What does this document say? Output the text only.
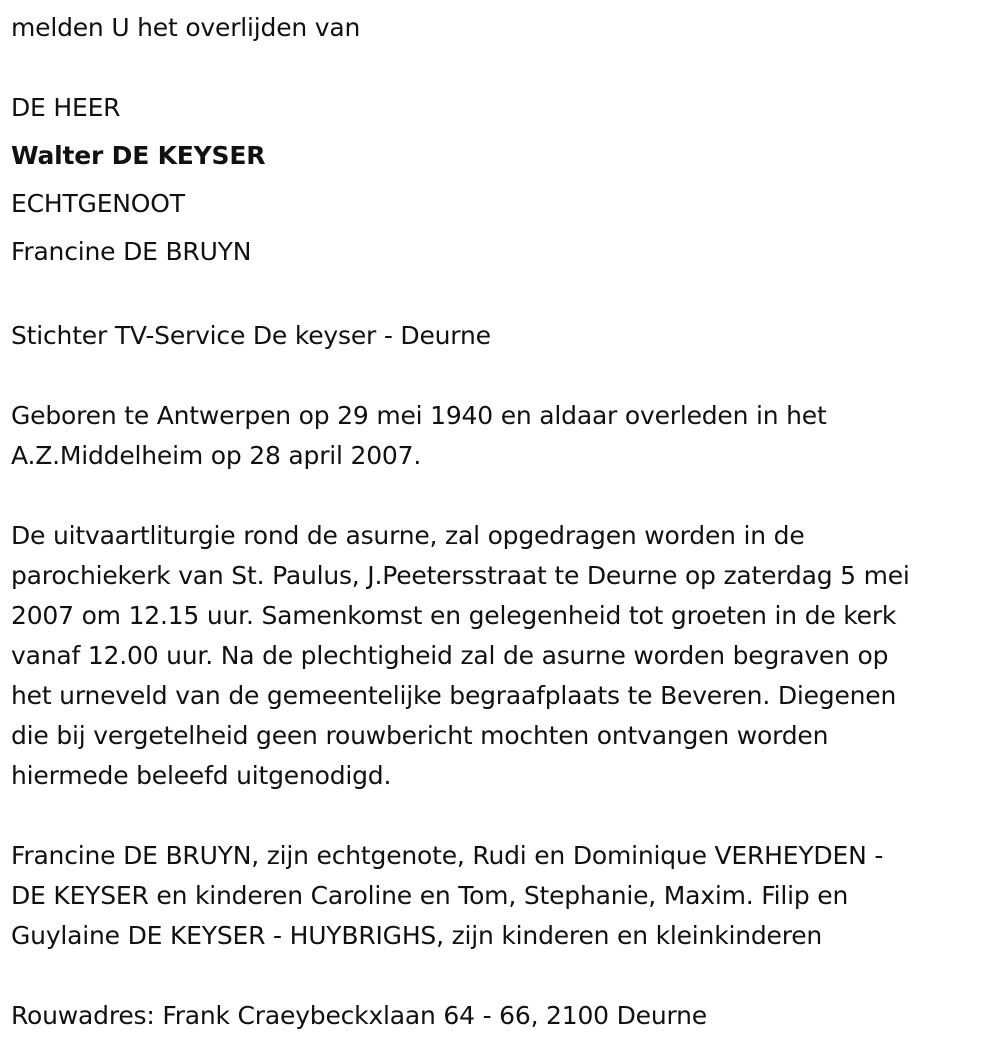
melden U het overlijden van

DE HEER

Walter DE KEYSER

ECHTGENOOT

Francine DE BRUYN

Stichter TV-Service De keyser - Deurne

Geboren te Antwerpen op 29 mei 1940 en aldaar overleden in het

A.Z.Middelheim op 28 april 2007.

De uitvaartliturgie rond de asurne, zal opgedragen worden in de

parochiekerk van St. Paulus, J.Peetersstraat te Deurne op zaterdag 5 mei

2007 om 12.15 uur. Samenkomst en gelegenheid tot groeten in de kerk

vanaf 12.00 uur. Na de plechtigheid zal de asurne worden begraven op

het urneveld van de gemeentelijke begraafplaats te Beveren. Diegenen

die bij vergetelheid geen rouwbericht mochten ontvangen worden

hiermede beleefd uitgenodigd.

Francine DE BRUYN, zijn echtgenote, Rudi en Dominique VERHEYDEN -

DE KEYSER en kinderen Caroline en Tom, Stephanie, Maxim. Filip en

Guylaine DE KEYSER - HUYBRIGHS, zijn kinderen en kleinkinderen

Rouwadres: Frank Craeybeckxlaan 64 - 66, 2100 Deurne
